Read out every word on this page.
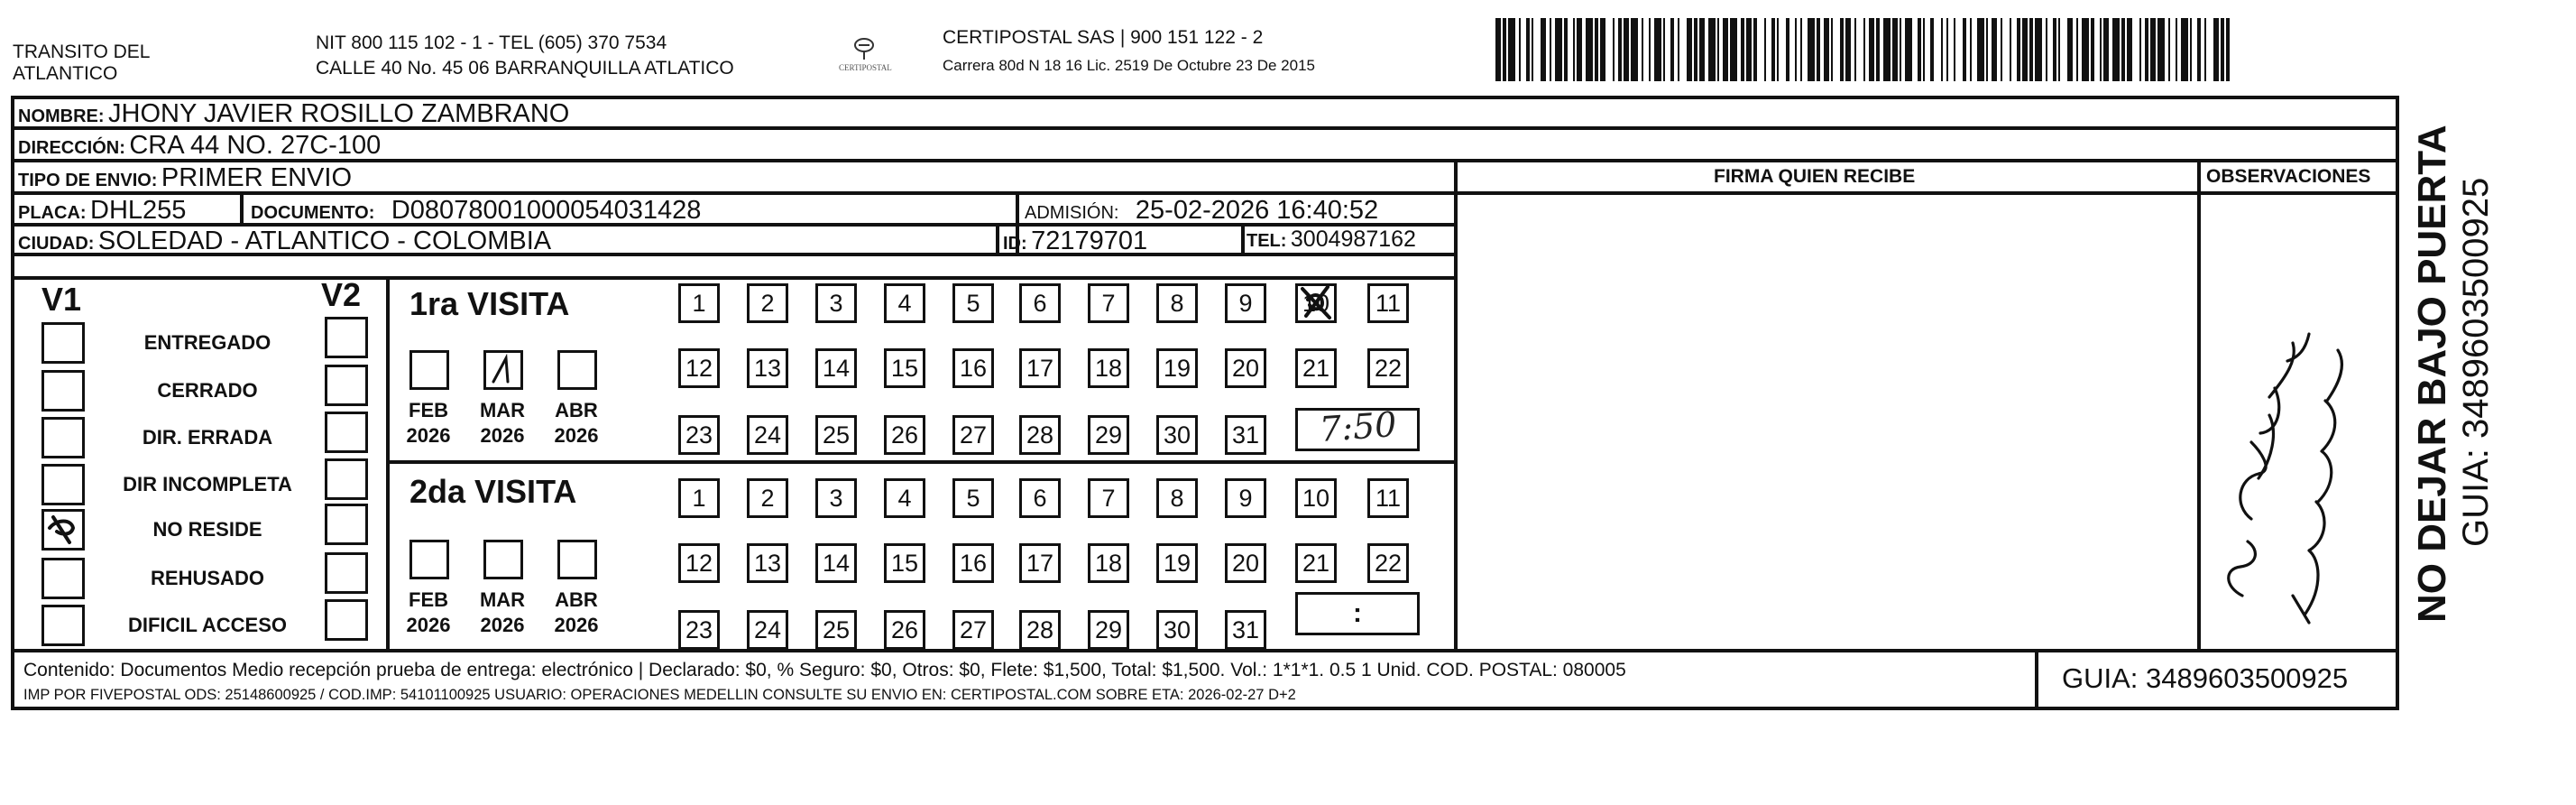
TRANSITO DEL
ATLANTICO
NIT 800 115 102 - 1 - TEL (605) 370 7534
CALLE 40 No. 45 06 BARRANQUILLA ATLATICO	CERTIPOSTAL
CERTIPOSTAL SAS | 900 151 122 - 2
Carrera 80d N 18 16 Lic. 2519 De Octubre 23 De 2015
NOMBRE: JHONY JAVIER ROSILLO ZAMBRANO
DIRECCIÓN: CRA 44 NO. 27C-100
TIPO DE ENVIO: PRIMER ENVIO	FIRMA QUIEN RECIBE	OBSERVACIONES
PLACA: DHL255	DOCUMENTO: D08078001000054031428	ADMISIÓN: 25-02-2026 16:40:52
CIUDAD: SOLEDAD - ATLANTICO - COLOMBIA	ID: 72179701	TEL: 3004987162
V1	V2
ENTREGADO
CERRADO
DIR. ERRADA
DIR INCOMPLETA
NO RESIDE
REHUSADO
DIFICIL ACCESO
1ra VISITA
2da VISITA
1	2	3	4	5	6	7	8	9	10	11
12 13 14 15 16 17 18 19 20 21 22
23 24 25 26 27 28 29 30 31
1	2	3	4	5	6	7	8	9	10	11
12 13 14 15 16 17 18 19 20 21 22
23 24 25 26 27 28 29 30 31
FEB
2026
MAR
2026
ABR
2026
FEB
2026
MAR
2026
ABR
2026
7:50
:	NO DEJAR BAJO PUERTA GUIA: 3489603500925
Contenido: Documentos Medio recepción prueba de entrega: electrónico | Declarado: $0, % Seguro: $0, Otros: $0, Flete: $1,500, Total: $1,500. Vol.: 1*1*1. 0.5 1 Unid. COD. POSTAL: 080005
IMP POR FIVEPOSTAL ODS: 25148600925 / COD.IMP: 54101100925 USUARIO: OPERACIONES MEDELLIN CONSULTE SU ENVIO EN: CERTIPOSTAL.COM SOBRE ETA: 2026-02-27 D+2
GUIA: 3489603500925
